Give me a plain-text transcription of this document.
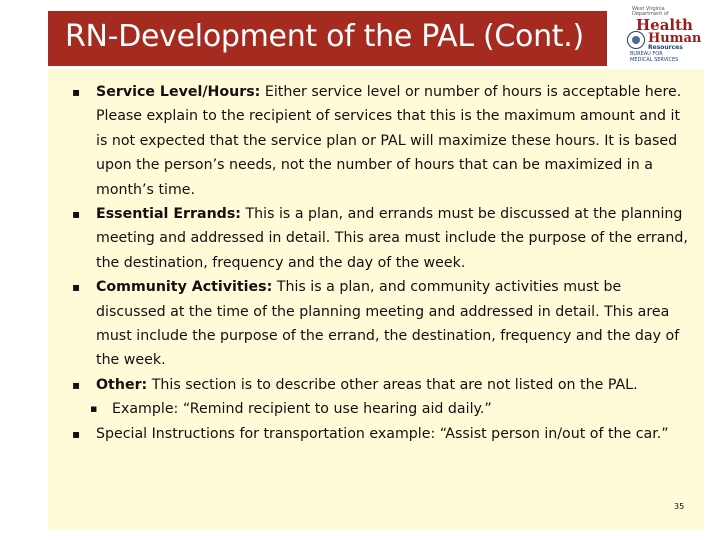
RN-Development of the PAL (Cont.)
West Virginia
Department of
Health
Human
Resources
BUREAU FOR
MEDICAL SERVICES
▪ Service Level/Hours: Either service level or number of hours is acceptable here. Please explain to the recipient of services that this is the maximum amount and it is not expected that the service plan or PAL will maximize these hours. It is based upon the person’s needs, not the number of hours that can be maximized in a month’s time.
▪ Essential Errands: This is a plan, and errands must be discussed at the planning meeting and addressed in detail. This area must include the purpose of the errand, the destination, frequency and the day of the week.
▪ Community Activities: This is a plan, and community activities must be discussed at the time of the planning meeting and addressed in detail. This area must include the purpose of the errand, the destination, frequency and the day of the week.
▪ Other: This section is to describe other areas that are not listed on the PAL.
▪ Example: “Remind recipient to use hearing aid daily.”
▪ Special Instructions for transportation example: “Assist person in/out of the car.”
35
